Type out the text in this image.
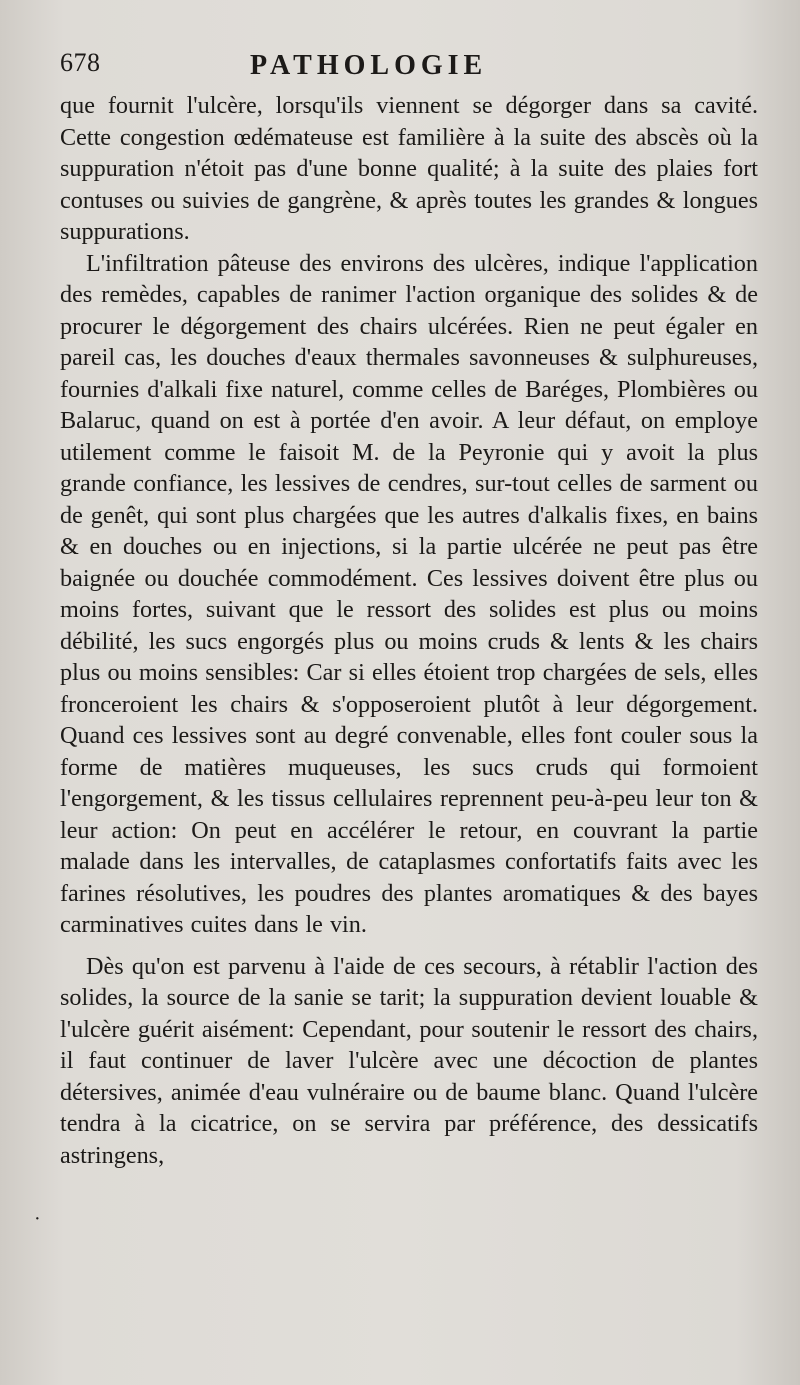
678	PATHOLOGIE

que fournit l'ulcère, lorsqu'ils viennent se dégorger dans sa cavité. Cette congestion œdémateuse est familière à la suite des abscès où la suppuration n'étoit pas d'une bonne qualité; à la suite des plaies fort contuses ou suivies de gangrène, & après toutes les grandes & longues suppurations.

L'infiltration pâteuse des environs des ulcères, indique l'application des remèdes, capables de ranimer l'action organique des solides & de procurer le dégorgement des chairs ulcérées. Rien ne peut égaler en pareil cas, les douches d'eaux thermales savonneuses & sulphureuses, fournies d'alkali fixe naturel, comme celles de Baréges, Plombières ou Balaruc, quand on est à portée d'en avoir. A leur défaut, on employe utilement comme le faisoit M. de la Peyronie qui y avoit la plus grande confiance, les lessives de cendres, sur-tout celles de sarment ou de genêt, qui sont plus chargées que les autres d'alkalis fixes, en bains & en douches ou en injections, si la partie ulcérée ne peut pas être baignée ou douchée commodément. Ces lessives doivent être plus ou moins fortes, suivant que le ressort des solides est plus ou moins débilité, les sucs engorgés plus ou moins cruds & lents & les chairs plus ou moins sensibles: Car si elles étoient trop chargées de sels, elles fronceroient les chairs & s'opposeroient plutôt à leur dégorgement. Quand ces lessives sont au degré convenable, elles font couler sous la forme de matières muqueuses, les sucs cruds qui formoient l'engorgement, & les tissus cellulaires reprennent peu-à-peu leur ton & leur action: On peut en accélérer le retour, en couvrant la partie malade dans les intervalles, de cataplasmes confortatifs faits avec les farines résolutives, les poudres des plantes aromatiques & des bayes carminatives cuites dans le vin.

Dès qu'on est parvenu à l'aide de ces secours, à rétablir l'action des solides, la source de la sanie se tarit; la suppuration devient louable & l'ulcère guérit aisément: Cependant, pour soutenir le ressort des chairs, il faut continuer de laver l'ulcère avec une décoction de plantes détersives, animée d'eau vulnéraire ou de baume blanc. Quand l'ulcère tendra à la cicatrice, on se servira par préférence, des dessicatifs astringens,

·
